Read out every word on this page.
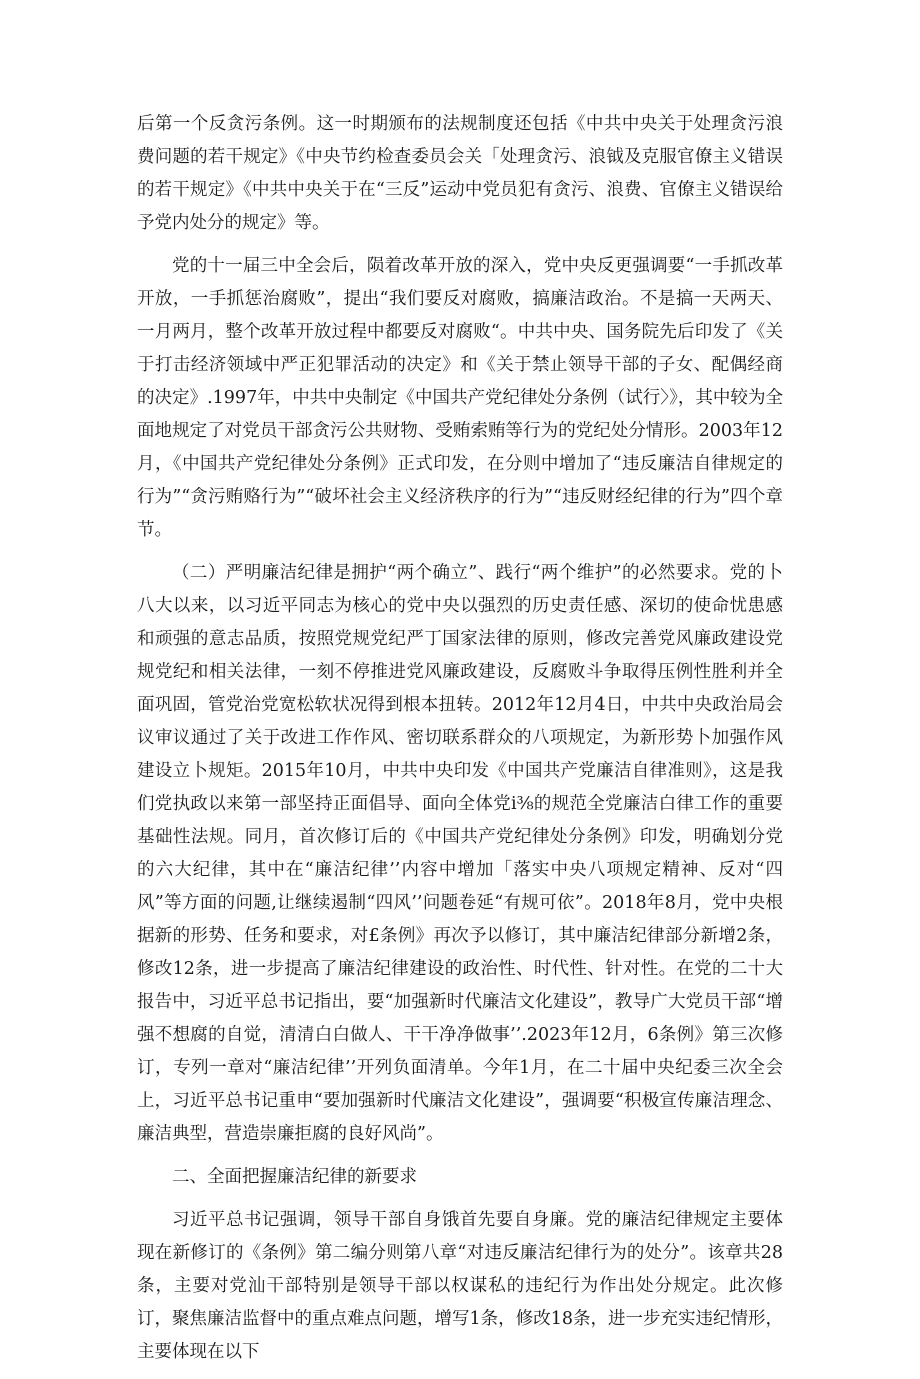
后第一个反贪污条例。这一时期颁布的法规制度还包括《中共中央关于处理贪污浪费问题的若干规定》《中央节约检查委员会关「处理贪污、浪钺及克服官僚主义错误的若干规定》《中共中央关于在“三反”运动中党员犯有贪污、浪费、官僚主义错误给予党内处分的规定》等。

党的十一届三中全会后，陨着改革开放的深入，党中央反更强调要“一手抓改革开放，一手抓惩治腐败”，提出“我们要反对腐败，搞廉洁政治。不是搞一天两天、一月两月，整个改革开放过程中都要反对腐败“。中共中央、国务院先后印发了《关于打击经济领域中严正犯罪活动的决定》和《关于禁止领导干部的子女、配偶经商的决定》.1997年，中共中央制定《中国共产党纪律处分条例（试行〉》，其中较为全面地规定了对党员干部贪污公共财物、受贿索贿等行为的党纪处分情形。2003年12月，《中国共产党纪律处分条例》正式印发，在分则中增加了“违反廉洁自律规定的行为”“贪污贿赂行为”“破坏社会主义经济秩序的行为”“违反财经纪律的行为”四个章节。

（二）严明廉洁纪律是拥护“两个确立”、践行“两个维护”的必然要求。党的卜八大以来，以习近平同志为核心的党中央以强烈的历史责任感、深切的使命忧患感和顽强的意志品质，按照党规党纪严丁国家法律的原则，修改完善党风廉政建设党规党纪和相关法律，一刻不停推进党风廉政建设，反腐败斗争取得压例性胜利并全面巩固，管党治党宽松软状况得到根本扭转。2012年12月4日，中共中央政治局会议审议通过了关于改进工作作风、密切联系群众的八项规定，为新形势卜加强作风建设立卜规矩。2015年10月，中共中央印发《中国共产党廉洁自律准则》，这是我们党执政以来第一部坚持正面倡导、面向全体党i⅜的规范全党廉洁白律工作的重要基础性法规。同月，首次修订后的《中国共产党纪律处分条例》印发，明确划分党的六大纪律，其中在“廉洁纪律’’内容中增加「落实中央八项规定精神、反对“四风”等方面的问题,让继续遏制“四风’’问题卷延“有规可依”。2018年8月，党中央根据新的形势、任务和要求，对£条例》再次予以修订，其中廉洁纪律部分新增2条，修改12条，进一步提高了廉洁纪律建设的政治性、时代性、针对性。在党的二十大报告中，习近平总书记指出，要“加强新时代廉洁文化建设”，教导广大党员干部“增强不想腐的自觉，清清白白做人、干干净净做事’’.2023年12月，6条例》第三次修订，专列一章对“廉洁纪律’’开列负面清单。今年1月，在二十届中央纪委三次全会上，习近平总书记重申“要加强新时代廉洁文化建设”，强调要“积极宣传廉洁理念、廉洁典型，营造崇廉拒腐的良好风尚”。

二、全面把握廉洁纪律的新要求

习近平总书记强调，领导干部自身饿首先要自身廉。党的廉洁纪律规定主要体现在新修订的《条例》第二编分则第八章“对违反廉洁纪律行为的处分”。该章共28条，主要对党汕干部特别是领导干部以权谋私的违纪行为作出处分规定。此次修订，聚焦廉洁监督中的重点难点问题，增写1条，修改18条，进一步充实违纪情形，主要体现在以下
